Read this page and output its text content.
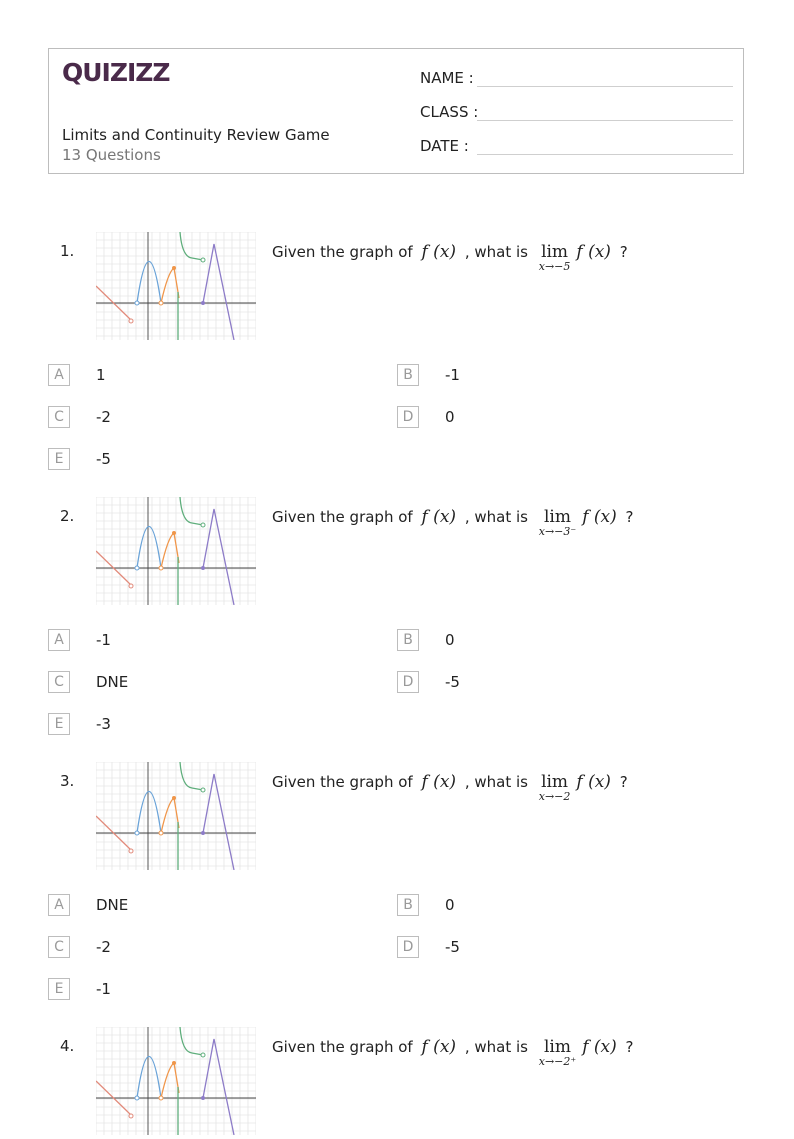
QUIZIZZ
Limits and Continuity Review Game
13 Questions
NAME :
CLASS :
DATE :
1.	Given the graph of f (x) , what is lim
x→−5
f (x) ?
A	1	B	-1
C	-2	D	0
E	-5
2.	Given the graph of f (x) , what is lim
x→−3⁻
f (x) ?
A	-1	B	0
C	DNE	D	-5
E	-3
3.	Given the graph of f (x) , what is lim
x→−2
f (x) ?
A	DNE	B	0
C	-2	D	-5
E	-1
4.	Given the graph of f (x) , what is lim
x→−2⁺
f (x) ?
